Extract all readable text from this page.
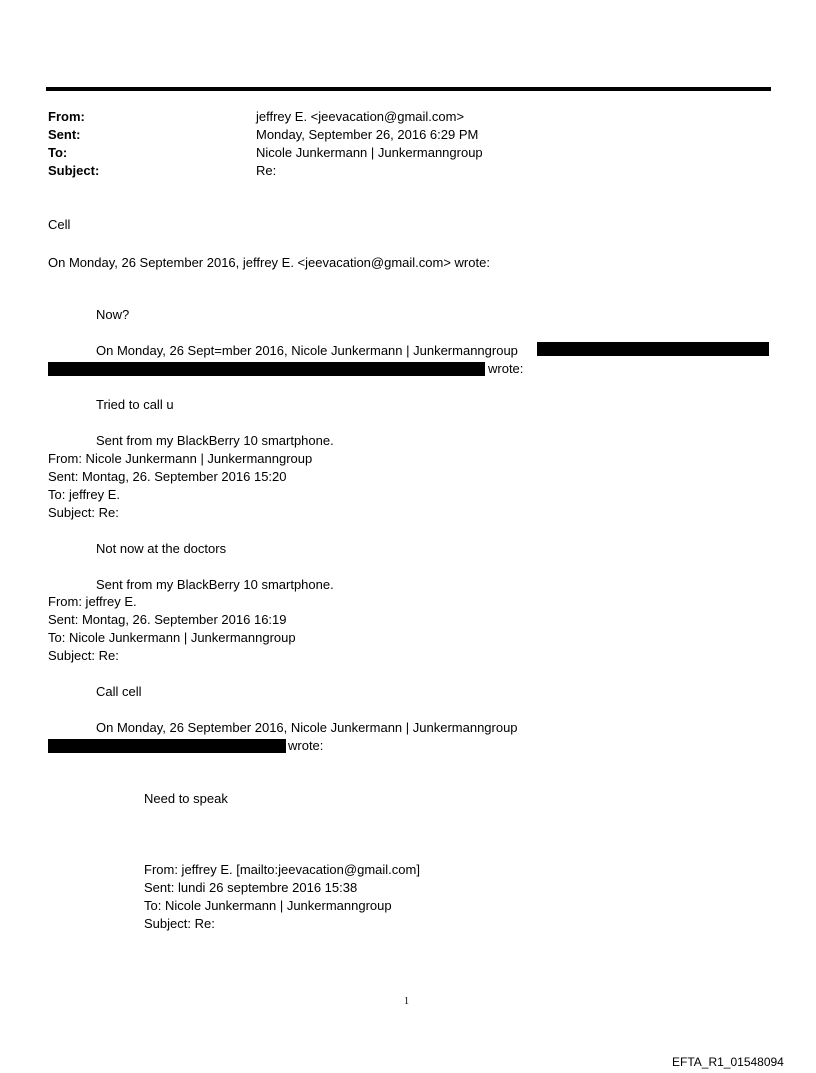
From:	jeffrey E. <jeevacation@gmail.com>
Sent:	Monday, September 26, 2016 6:29 PM
To:	Nicole Junkermann | Junkermanngroup
Subject:	Re:
Cell
On Monday, 26 September 2016, jeffrey E. <jeevacation@gmail.com> wrote:
Now?
On Monday, 26 Sept=mber 2016, Nicole Junkermann | Junkermanngroup
wrote:
Tried to call u
Sent from my BlackBerry 10 smartphone.
From: Nicole Junkermann | Junkermanngroup
Sent: Montag, 26. September 2016 15:20
To: jeffrey E.
Subject: Re:
Not now at the doctors
Sent from my BlackBerry 10 smartphone.
From: jeffrey E.
Sent: Montag, 26. September 2016 16:19
To: Nicole Junkermann | Junkermanngroup
Subject: Re:
Call cell
On Monday, 26 September 2016, Nicole Junkermann | Junkermanngroup
wrote:
Need to speak
From: jeffrey E. [mailto:jeevacation@gmail.com]
Sent: lundi 26 septembre 2016 15:38
To: Nicole Junkermann | Junkermanngroup
Subject: Re:
1
EFTA_R1_01548094
